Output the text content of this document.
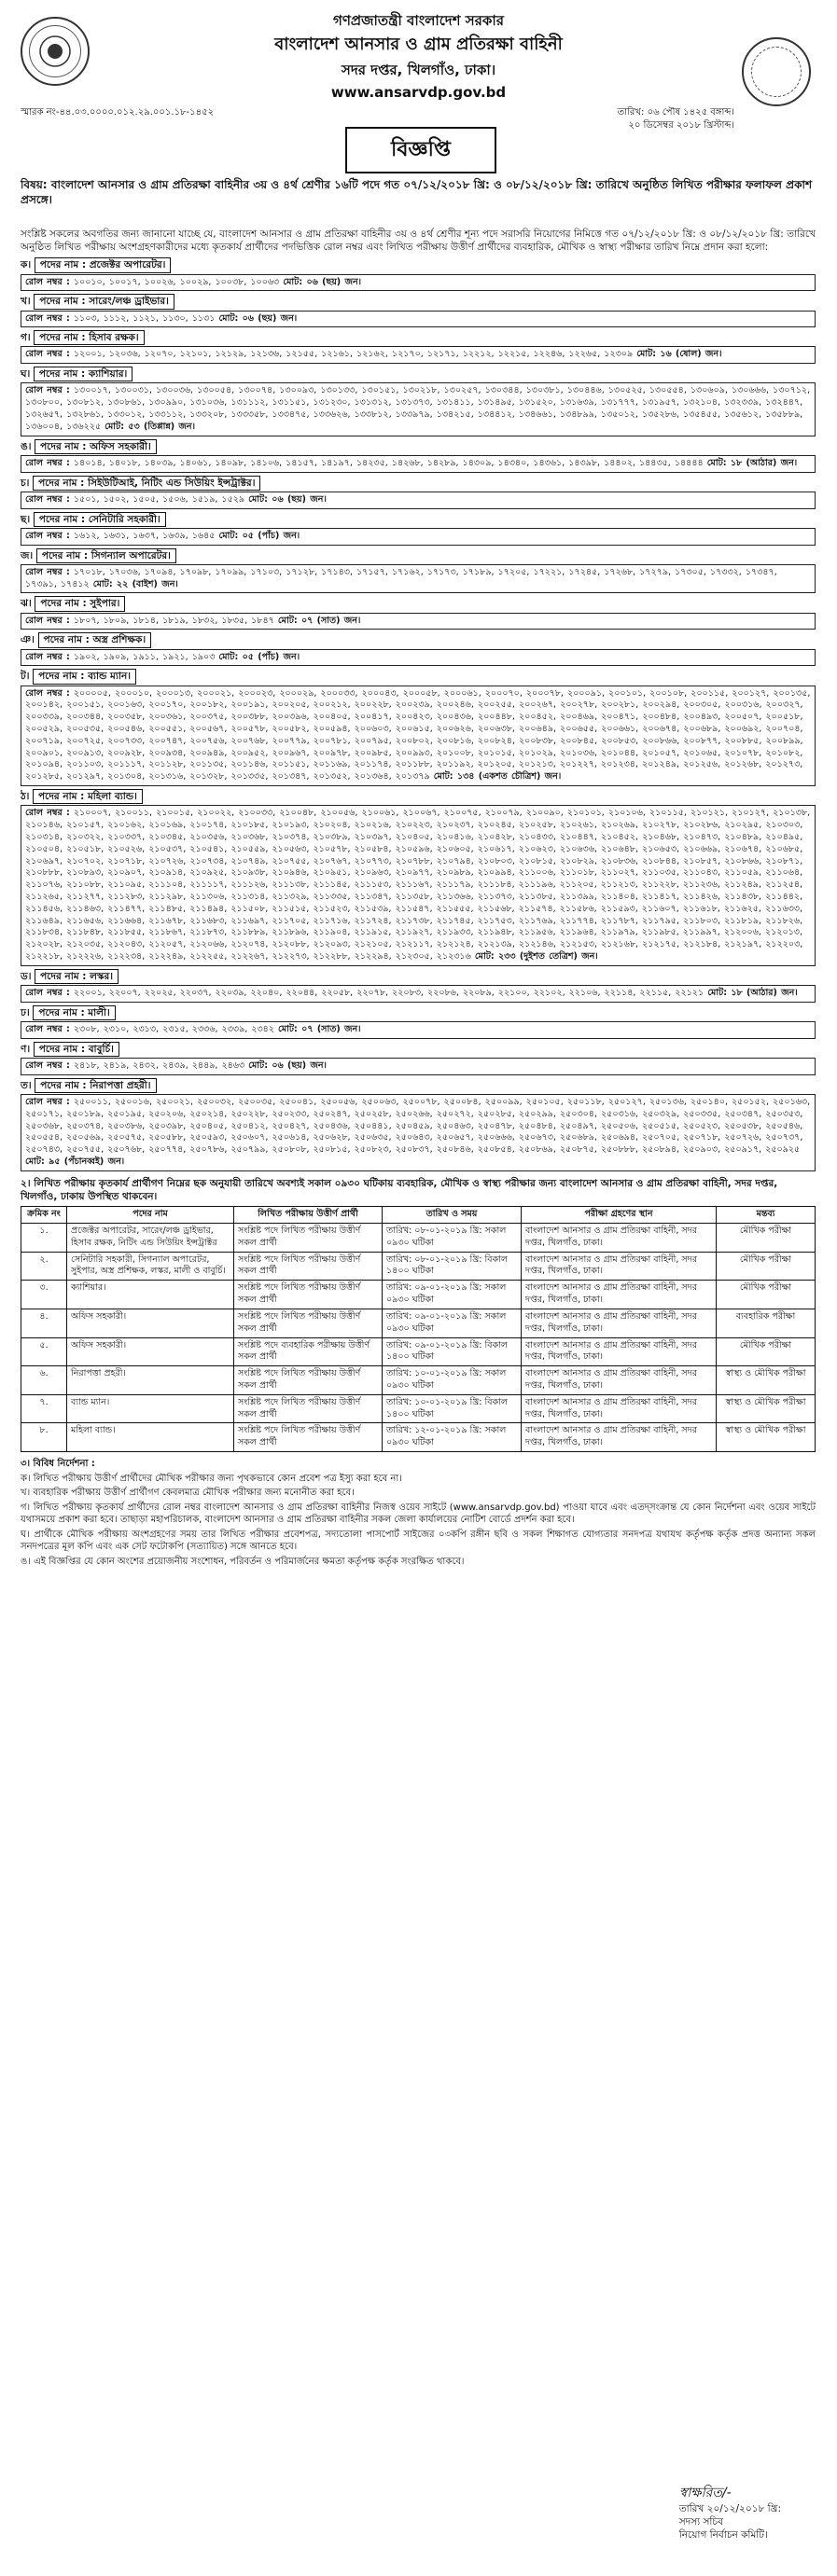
গণপ্রজাতন্ত্রী বাংলাদেশ সরকার
বাংলাদেশ আনসার ও গ্রাম প্রতিরক্ষা বাহিনী
সদর দপ্তর, খিলগাঁও, ঢাকা।
www.ansarvdp.gov.bd
স্মারক নং-৪৪.০৩.০০০০.০১২.২৯.০০১.১৮-১৪৫২	তারিখ: ০৬ পৌষ ১৪২৫ বঙ্গাব্দ।
২০ ডিসেম্বর ২০১৮ খ্রিস্টাব্দ।
বিজ্ঞপ্তি
বিষয়: বাংলাদেশ আনসার ও গ্রাম প্রতিরক্ষা বাহিনীর ৩য় ও ৪র্থ শ্রেণীর ১৬টি পদে গত ০৭/১২/২০১৮ খ্রি: ও ০৮/১২/২০১৮ খ্রি: তারিখে অনুষ্ঠিত লিখিত পরীক্ষার ফলাফল প্রকাশ প্রসঙ্গে।
সংশ্লিষ্ট সকলের অবগতির জন্য জানানো যাচ্ছে যে, বাংলাদেশ আনসার ও গ্রাম প্রতিরক্ষা বাহিনীর ৩য় ও ৪র্থ শ্রেণীর শূন্য পদে সরাসরি নিয়োগের নিমিত্তে গত ০৭/১২/২০১৮ খ্রি: ও ০৮/১২/২০১৮ খ্রি: তারিখে অনুষ্ঠিত লিখিত পরীক্ষায় অংশগ্রহণকারীদের মধ্যে কৃতকার্য প্রার্থীদের পদভিত্তিক রোল নম্বর এবং লিখিত পরীক্ষায় উত্তীর্ণ প্রার্থীদের ব্যবহারিক, মৌখিক ও স্বাস্থ্য পরীক্ষার তারিখ নিম্নে প্রদান করা হলো:
ক। পদের নাম : প্রজেক্টর অপারেটর।
রোল নম্বর : ১০০১০, ১০০১৭, ১০০২৬, ১০০২৯, ১০০৩৮, ১০০৬৩ মোট: ০৬ (ছয়) জন।
খ। পদের নাম : সারেং/লঞ্চ ড্রাইভার।
রোল নম্বর : ১১০৩, ১১১২, ১১২১, ১১৩০, ১১৩১ মোট: ০৬ (ছয়) জন।
গ। পদের নাম : হিসাব রক্ষক।
রোল নম্বর : ১২০০১, ১২০৩৬, ১২০৭০, ১২১০১, ১২১২৯, ১২১৩৬, ১২১৫৫, ১২১৬১, ১২১৬২, ১২১৭০, ১২১৭১, ১২২১২, ১২২১৫, ১২২৪৬, ১২২৬৫, ১২৩০৯ মোট: ১৬ (ষোল) জন।
ঘ। পদের নাম : ক্যাশিয়ার।
রোল নম্বর : ১৩০০১৭, ১৩০০৩১, ১৩০০৩৬, ১৩০০৫৪, ১৩০০৭৪, ১৩০০৯৩, ১৩০১৩৩, ১৩০১৫১, ১৩০২১৮, ১৩০২৫৭, ১৩০৩৪৪, ১৩০৩৮১, ১৩০৪৪৬, ১৩০৫২৫, ১৩০৫৫৪, ১৩০৬০৯, ১৩০৬৬৬, ১৩০৭১২, ১৩০৮০০, ১৩০৮১২, ১৩০৮৬১, ১৩০৯৯০, ১৩১০৩৬, ১৩১১১২, ১৩১১৫১, ১৩১২৩০, ১৩১৩১২, ১৩১৩৭৩, ১৩১৪১১, ১৩১৪৯৫, ১৩১৫২০, ১৩১৬৩৯, ১৩১৭৭৭, ১৩১৯৫৭, ১৩২১০৪, ১৩২৩৩৯, ১৩২৪৪৭, ১৩২৬৫৭, ১৩২৮৬১, ১৩৩০১২, ১৩৩১১২, ১৩৩২০৮, ১৩৩৩৫৮, ১৩৩৪৭৫, ১৩৩৬২৬, ১৩৩৮১২, ১৩৩৯৭৯, ১৩৪২১৫, ১৩৪৪১২, ১৩৪৬৬১, ১৩৪৮৯৯, ১৩৫০১২, ১৩৫২৮৬, ১৩৫৪৫৫, ১৩৫৬১২, ১৩৫৮৮৯, ১৩৬০০৪, ১৩৬২২৫ মোট: ৫৩ (তিপ্পান্ন) জন।
ঙ। পদের নাম : অফিস সহকারী।
রোল নম্বর : ১৪০১৪, ১৪০১৮, ১৪০৩৯, ১৪০৬১, ১৪০৯৮, ১৪১০৬, ১৪১৫৭, ১৪১৯৭, ১৪২৩৫, ১৪২৬৮, ১৪২৮৯, ১৪৩০৯, ১৪৩৪০, ১৪৩৬১, ১৪৩৯৮, ১৪৪০২, ১৪৪৩৫, ১৪৪৪৪ মোট: ১৮ (আঠার) জন।
চ। পদের নাম : সিইউটিআই, নিটিং এন্ড সিউয়িং ইন্সট্রাক্টর।
রোল নম্বর : ১৫০১, ১৫০২, ১৫০৫, ১৫০৬, ১৫১৯, ১৫২৯ মোট: ০৬ (ছয়) জন।
ছ। পদের নাম : সেনিটারি সহকারী।
রোল নম্বর : ১৬১২, ১৬৩১, ১৬৩৭, ১৬৩৯, ১৬৪৫ মোট: ০৫ (পাঁচ) জন।
জ। পদের নাম : সিগন্যাল অপারেটর।
রোল নম্বর : ১৭০১৮, ১৭০৩৬, ১৭০৯৪, ১৭০৯৮, ১৭০৯৯, ১৭১০৩, ১৭১২৮, ১৭১৪৩, ১৭১৫৭, ১৭১৬২, ১৭১৭৩, ১৭১৮৯, ১৭২০৫, ১৭২২১, ১৭২৪৫, ১৭২৬৮, ১৭২৭৯, ১৭৩০৫, ১৭৩৩২, ১৭৩৪৭, ১৭৩৯১, ১৭৪১২ মোট: ২২ (বাইশ) জন।
ঝ। পদের নাম : সুইপার।
রোল নম্বর : ১৮০৭, ১৮০৯, ১৮১৪, ১৮১৯, ১৮৩২, ১৮৩৫, ১৮৪৭ মোট: ০৭ (সাত) জন।
ঞ। পদের নাম : অস্ত্র প্রশিক্ষক।
রোল নম্বর : ১৯০২, ১৯০৯, ১৯১১, ১৯২১, ১৯০৩ মোট: ০৫ (পাঁচ) জন।
ট। পদের নাম : ব্যান্ড ম্যান।
রোল নম্বর : ২০০০০৫, ২০০০১০, ২০০০১৩, ২০০০২১, ২০০০২৩, ২০০০২৯, ২০০০৩৩, ২০০০৪৩, ২০০০৫৮, ২০০০৬১, ২০০০৭০, ২০০০৭৮, ২০০০৯১, ২০০১০১, ২০০১০৮, ২০০১১৫, ২০০১২৭, ২০০১৩৫, ২০০১৪২, ২০০১৫১, ২০০১৬৩, ২০০১৭০, ২০০১৮২, ২০০১৯১, ২০০২০৫, ২০০২১২, ২০০২২৮, ২০০২৩৯, ২০০২৪৬, ২০০২৫৫, ২০০২৬৭, ২০০২৭৮, ২০০২৮১, ২০০২৯৪, ২০০৩০৫, ২০০৩১৬, ২০০৩২৭, ২০০৩৩৯, ২০০৩৪৪, ২০০৩৫৮, ২০০৩৬১, ২০০৩৭৫, ২০০৩৮৮, ২০০৩৯৬, ২০০৪০৫, ২০০৪১৭, ২০০৪২৩, ২০০৪৩৬, ২০০৪৪৮, ২০০৪৫২, ২০০৪৬৯, ২০০৪৭১, ২০০৪৮৪, ২০০৪৯৩, ২০০৫০৭, ২০০৫১৮, ২০০৫২৯, ২০০৫৩৫, ২০০৫৪৬, ২০০৫৫১, ২০০৫৬৭, ২০০৫৭৮, ২০০৫৮২, ২০০৫৯৪, ২০০৬০৩, ২০০৬১৫, ২০০৬২৬, ২০০৬৩৮, ২০০৬৪৯, ২০০৬৫৫, ২০০৬৬১, ২০০৬৭৪, ২০০৬৮৯, ২০০৬৯২, ২০০৭০৪, ২০০৭১৯, ২০০৭২৫, ২০০৭৩৩, ২০০৭৪৭, ২০০৭৫৬, ২০০৭৬৮, ২০০৭৭৯, ২০০৭৮১, ২০০৭৯৫, ২০০৮০২, ২০০৮১৬, ২০০৮২৪, ২০০৮৩৮, ২০০৮৪৫, ২০০৮৫৩, ২০০৮৬৬, ২০০৮৭৭, ২০০৮৮৫, ২০০৮৯৯, ২০০৯০১, ২০০৯১৩, ২০০৯২৮, ২০০৯৩৪, ২০০৯৪৯, ২০০৯৫২, ২০০৯৬৭, ২০০৯৭৮, ২০০৯৮৫, ২০০৯৯৩, ২০১০০৮, ২০১০১৫, ২০১০২৯, ২০১০৩৬, ২০১০৪৪, ২০১০৫৭, ২০১০৬৫, ২০১০৭৮, ২০১০৮২, ২০১০৯৪, ২০১১০৩, ২০১১১৭, ২০১১২৮, ২০১১৩৫, ২০১১৪৬, ২০১১৫১, ২০১১৬৯, ২০১১৭৪, ২০১১৮৮, ২০১১৯২, ২০১২০৫, ২০১২১৩, ২০১২২৭, ২০১২৩৪, ২০১২৪৯, ২০১২৫৬, ২০১২৬৮, ২০১২৭৩, ২০১২৮৫, ২০১২৯৭, ২০১৩০৪, ২০১৩১৬, ২০১৩২৮, ২০১৩৩৫, ২০১৩৪৭, ২০১৩৫২, ২০১৩৬৪, ২০১৩৭৯ মোট: ১৩৪ (একশত চৌত্রিশ) জন।
ঠ। পদের নাম : মহিলা ব্যান্ড।
রোল নম্বর : ২১০০০৭, ২১০০১১, ২১০০১৫, ২১০০২২, ২১০০৩৩, ২১০০৪৮, ২১০০৫৬, ২১০০৬১, ২১০০৬৭, ২১০০৭৫, ২১০০৭৯, ২১০০৯০, ২১০১০১, ২১০১০৬, ২১০১১৫, ২১০১২১, ২১০১২৭, ২১০১৩৮, ২১০১৪৬, ২১০১৫৭, ২১০১৬২, ২১০১৬৯, ২১০১৭৪, ২১০১৮৫, ২১০১৯৩, ২১০২০৪, ২১০২১৬, ২১০২২৩, ২১০২৩৭, ২১০২৪৫, ২১০২৫৮, ২১০২৬১, ২১০২৬৯, ২১০২৭৮, ২১০২৮৬, ২১০২৯৫, ২১০৩০৩, ২১০৩১৪, ২১০৩২২, ২১০৩৩৭, ২১০৩৪৫, ২১০৩৫৬, ২১০৩৬৮, ২১০৩৭৪, ২১০৩৮৯, ২১০৩৯৭, ২১০৪০৫, ২১০৪১৬, ২১০৪২৮, ২১০৪৩৩, ২১০৪৪৭, ২১০৪৫২, ২১০৪৬৮, ২১০৪৭৩, ২১০৪৮৯, ২১০৪৯৫, ২১০৫০৪, ২১০৫১৮, ২১০৫২৬, ২১০৫৩৭, ২১০৫৪১, ২১০৫৫৯, ২১০৫৬৩, ২১০৫৭৮, ২১০৫৮৪, ২১০৫৯৬, ২১০৬০৫, ২১০৬১৭, ২১০৬২৩, ২১০৬৩৬, ২১০৬৪৮, ২১০৬৫৩, ২১০৬৬৯, ২১০৬৭৪, ২১০৬৮৫, ২১০৬৯৭, ২১০৭০২, ২১০৭১৮, ২১০৭২৬, ২১০৭৩৪, ২১০৭৪৯, ২১০৭৫৫, ২১০৭৬৭, ২১০৭৭৩, ২১০৭৮৮, ২১০৭৯৪, ২১০৮০৩, ২১০৮১৫, ২১০৮২৯, ২১০৮৩৬, ২১০৮৪৪, ২১০৮৫৭, ২১০৮৬৬, ২১০৮৭১, ২১০৮৮৮, ২১০৮৯৩, ২১০৯০৭, ২১০৯১৪, ২১০৯২৫, ২১০৯৩৮, ২১০৯৪৬, ২১০৯৫১, ২১০৯৬৩, ২১০৯৭৭, ২১০৯৮৯, ২১০৯৯৪, ২১১০০৬, ২১১০১৮, ২১১০২৭, ২১১০৩৫, ২১১০৪৩, ২১১০৫৯, ২১১০৬৪, ২১১০৭৬, ২১১০৮৮, ২১১০৯৫, ২১১১০৪, ২১১১১৭, ২১১১২৬, ২১১১৩৮, ২১১১৪৫, ২১১১৫৩, ২১১১৬৭, ২১১১৭৯, ২১১১৮৪, ২১১১৯৬, ২১১২০৫, ২১১২১৩, ২১১২২৮, ২১১২৩৬, ২১১২৪৯, ২১১২৫৪, ২১১২৬৫, ২১১২৭৭, ২১১২৮৩, ২১১২৯৮, ২১১৩০৬, ২১১৩১৪, ২১১৩২৯, ২১১৩৩৫, ২১১৩৪৭, ২১১৩৫৮, ২১১৩৬৬, ২১১৩৭৩, ২১১৩৮৫, ২১১৩৯৯, ২১১৪০৪, ২১১৪১৭, ২১১৪২৬, ২১১৪৩৮, ২১১৪৪২, ২১১৪৫৬, ২১১৪৬৩, ২১১৪৭৭, ২১১৪৮৫, ২১১৪৯৪, ২১১৫০৮, ২১১৫১৫, ২১১৫২৩, ২১১৫৩৯, ২১১৫৪৭, ২১১৫৫৫, ২১১৫৬৮, ২১১৫৭৪, ২১১৫৮৬, ২১১৫৯৩, ২১১৬০৭, ২১১৬১৮, ২১১৬২৫, ২১১৬৩৩, ২১১৬৪৯, ২১১৬৫৬, ২১১৬৬৪, ২১১৬৭৮, ২১১৬৮৩, ২১১৬৯৭, ২১১৭০৫, ২১১৭১৬, ২১১৭২৪, ২১১৭৩৮, ২১১৭৪৫, ২১১৭৫৩, ২১১৭৬৯, ২১১৭৭৪, ২১১৭৮৭, ২১১৭৯৫, ২১১৮০৩, ২১১৮১৯, ২১১৮২৬, ২১১৮৩৪, ২১১৮৪৮, ২১১৮৫৫, ২১১৮৬৭, ২১১৮৭৩, ২১১৮৮৯, ২১১৮৯৬, ২১১৯০৪, ২১১৯১৫, ২১১৯২৭, ২১১৯৩৩, ২১১৯৪৮, ২১১৯৫৬, ২১১৯৬৪, ২১১৯৭৯, ২১১৯৮৫, ২১১৯৯৭, ২১২০০৬, ২১২০১৩, ২১২০২৮, ২১২০৩৫, ২১২০৪৩, ২১২০৫৭, ২১২০৬৬, ২১২০৭৪, ২১২০৮৮, ২১২০৯৩, ২১২১০৫, ২১২১১৭, ২১২১২৪, ২১২১৩৯, ২১২১৪৬, ২১২১৫৩, ২১২১৬৮, ২১২১৭৫, ২১২১৮৪, ২১২১৯৭, ২১২২০৩, ২১২২১৮, ২১২২২৬, ২১২২৩৪, ২১২২৪৯, ২১২২৫৫, ২১২২৬৭, ২১২২৭৩, ২১২২৮৮, ২১২২৯৪, ২১২৩০৫, ২১২৩১৬ মোট: ২৩৩ (দুইশত তেত্রিশ) জন।
ড। পদের নাম : লস্কর।
রোল নম্বর : ২২০০১, ২২০০৭, ২২০২৫, ২২০৩৭, ২২০৩৯, ২২০৪০, ২২০৪৪, ২২০৫৮, ২২০৭৮, ২২০৮৩, ২২০৮৬, ২২০৮৯, ২২১০০, ২২১০২, ২২১০৬, ২২১১৪, ২২১১৫, ২২১২১ মোট: ১৮ (আঠার) জন।
ঢ। পদের নাম : মালী।
রোল নম্বর : ২৩০৮, ২৩১০, ২৩১৩, ২৩১৫, ২৩৩৬, ২৩৩৯, ২৩৪২ মোট: ০৭ (সাত) জন।
ণ। পদের নাম : বাবুর্চি।
রোল নম্বর : ২৪১৮, ২৪১৯, ২৪৩২, ২৪৩৯, ২৪৪৯, ২৪৬৩ মোট: ০৬ (ছয়) জন।
ত। পদের নাম : নিরাপত্তা প্রহরী।
রোল নম্বর : ২৫০০১১, ২৫০০১৬, ২৫০০২১, ২৫০০৩২, ২৫০০৩৫, ২৫০০৪১, ২৫০০৫৬, ২৫০০৬৩, ২৫০০৭৮, ২৫০০৮৪, ২৫০০৯৯, ২৫০১০৫, ২৫০১১৮, ২৫০১২৭, ২৫০১৩৬, ২৫০১৪০, ২৫০১৫২, ২৫০১৬৩, ২৫০১৭১, ২৫০১৮৯, ২৫০১৯৫, ২৫০২০৬, ২৫০২১৪, ২৫০২২৮, ২৫০২৩৩, ২৫০২৪৭, ২৫০২৫৮, ২৫০২৬৬, ২৫০২৭২, ২৫০২৮৫, ২৫০২৯৯, ২৫০৩০৪, ২৫০৩১৬, ২৫০৩২৯, ২৫০৩৩৫, ২৫০৩৪৭, ২৫০৩৫৩, ২৫০৩৬৮, ২৫০৩৭৪, ২৫০৩৮৬, ২৫০৩৯৮, ২৫০৪০৫, ২৫০৪১২, ২৫০৪২৭, ২৫০৪৩৬, ২৫০৪৪১, ২৫০৪৫৯, ২৫০৪৬৩, ২৫০৪৭৮, ২৫০৪৮৪, ২৫০৪৯৭, ২৫০৫০৬, ২৫০৫১৫, ২৫০৫২৩, ২৫০৫৩৮, ২৫০৫৪৬, ২৫০৫৫৪, ২৫০৫৬৯, ২৫০৫৭৫, ২৫০৫৮৮, ২৫০৫৯৩, ২৫০৬০৭, ২৫০৬১৪, ২৫০৬২৮, ২৫০৬৩৫, ২৫০৬৪৩, ২৫০৬৫৭, ২৫০৬৬৬, ২৫০৬৭৩, ২৫০৬৮৯, ২৫০৬৯৪, ২৫০৭০৫, ২৫০৭১৮, ২৫০৭২৬, ২৫০৭৩৭, ২৫০৭৪৩, ২৫০৭৫৫, ২৫০৭৬৮, ২৫০৭৭৪, ২৫০৭৮৬, ২৫০৭৯৯, ২৫০৮০৮, ২৫০৮১৫, ২৫০৮২৩, ২৫০৮৩৭, ২৫০৮৪৬, ২৫০৮৫৪, ২৫০৮৬৯, ২৫০৮৭৫, ২৫০৮৮৮, ২৫০৮৯৪, ২৫০৯০৩, ২৫০৯১৭, ২৫০৯২৫ মোট: ৯৫ (পঁচানব্বই) জন।
২। লিখিত পরীক্ষায় কৃতকার্য প্রার্থীগণ নিম্নের ছক অনুযায়ী তারিখে অবশ্যই সকাল ০৯৩০ ঘটিকায় ব্যবহারিক, মৌখিক ও স্বাস্থ্য পরীক্ষার জন্য বাংলাদেশ আনসার ও গ্রাম প্রতিরক্ষা বাহিনী, সদর দপ্তর, খিলগাঁও, ঢাকায় উপস্থিত থাকবেন।
ক্রমিক নং	পদের নাম	লিখিত পরীক্ষায় উত্তীর্ণ প্রার্থী	তারিখ ও সময়	পরীক্ষা গ্রহণের স্থান	মন্তব্য
১.	প্রজেক্টর অপারেটর, সারেং/লঞ্চ ড্রাইভার, হিসাব রক্ষক, নিটিং এন্ড সিউয়িং ইন্সট্রাক্টর	সংশ্লিষ্ট পদে লিখিত পরীক্ষায় উত্তীর্ণ সকল প্রার্থী	তারিখ: ০৮-০১-২০১৯ খ্রি: সকাল ০৯৩০ ঘটিকা	বাংলাদেশ আনসার ও গ্রাম প্রতিরক্ষা বাহিনী, সদর দপ্তর, খিলগাঁও, ঢাকা।	মৌখিক পরীক্ষা
২.	সেনিটারি সহকারী, সিগন্যাল অপারেটর, সুইপার, অস্ত্র প্রশিক্ষক, লস্কর, মালী ও বাবুর্চি।	সংশ্লিষ্ট পদে লিখিত পরীক্ষায় উত্তীর্ণ সকল প্রার্থী	তারিখ: ০৮-০১-২০১৯ খ্রি: বিকাল ১৪০০ ঘটিকা	বাংলাদেশ আনসার ও গ্রাম প্রতিরক্ষা বাহিনী, সদর দপ্তর, খিলগাঁও, ঢাকা।	মৌখিক পরীক্ষা
৩.	ক্যাশিয়ার।	সংশ্লিষ্ট পদে লিখিত পরীক্ষায় উত্তীর্ণ সকল প্রার্থী	তারিখ: ০৯-০১-২০১৯ খ্রি: সকাল ০৯৩০ ঘটিকা	বাংলাদেশ আনসার ও গ্রাম প্রতিরক্ষা বাহিনী, সদর দপ্তর, খিলগাঁও, ঢাকা।	মৌখিক পরীক্ষা
৪.	অফিস সহকারী।	সংশ্লিষ্ট পদে লিখিত পরীক্ষায় উত্তীর্ণ সকল প্রার্থী	তারিখ: ০৯-০১-২০১৯ খ্রি: সকাল ০৯৩০ ঘটিকা	বাংলাদেশ আনসার ও গ্রাম প্রতিরক্ষা বাহিনী, সদর দপ্তর, খিলগাঁও, ঢাকা।	ব্যবহারিক পরীক্ষা
৫.	অফিস সহকারী।	সংশ্লিষ্ট পদে ব্যবহারিক পরীক্ষায় উত্তীর্ণ সকল প্রার্থী	তারিখ: ০৯-০১-২০১৯ খ্রি: বিকাল ১৪০০ ঘটিকা	বাংলাদেশ আনসার ও গ্রাম প্রতিরক্ষা বাহিনী, সদর দপ্তর, খিলগাঁও, ঢাকা।	মৌখিক পরীক্ষা
৬.	নিরাপত্তা প্রহরী।	সংশ্লিষ্ট পদে লিখিত পরীক্ষায় উত্তীর্ণ সকল প্রার্থী	তারিখ: ১০-০১-২০১৯ খ্রি: সকাল ০৯৩০ ঘটিকা	বাংলাদেশ আনসার ও গ্রাম প্রতিরক্ষা বাহিনী, সদর দপ্তর, খিলগাঁও, ঢাকা।	স্বাস্থ্য ও মৌখিক পরীক্ষা
৭.	ব্যান্ড ম্যান।	সংশ্লিষ্ট পদে লিখিত পরীক্ষায় উত্তীর্ণ সকল প্রার্থী	তারিখ: ১০-০১-২০১৯ খ্রি: বিকাল ১৪০০ ঘটিকা	বাংলাদেশ আনসার ও গ্রাম প্রতিরক্ষা বাহিনী, সদর দপ্তর, খিলগাঁও, ঢাকা।	স্বাস্থ্য ও মৌখিক পরীক্ষা
৮.	মহিলা ব্যান্ড।	সংশ্লিষ্ট পদে লিখিত পরীক্ষায় উত্তীর্ণ সকল প্রার্থী	তারিখ: ১২-০১-২০১৯ খ্রি: সকাল ০৯৩০ ঘটিকা	বাংলাদেশ আনসার ও গ্রাম প্রতিরক্ষা বাহিনী, সদর দপ্তর, খিলগাঁও, ঢাকা।	স্বাস্থ্য ও মৌখিক পরীক্ষা
৩। বিবিধ নির্দেশনা :
ক। লিখিত পরীক্ষায় উত্তীর্ণ প্রার্থীদের মৌখিক পরীক্ষার জন্য পৃথকভাবে কোন প্রবেশ পত্র ইস্যু করা হবে না।
খ। ব্যবহারিক পরীক্ষায় উত্তীর্ণ প্রার্থীগণ কেবলমাত্র মৌখিক পরীক্ষার জন্য মনোনীত করা হবে।
গ। লিখিত পরীক্ষায় কৃতকার্য প্রার্থীদের রোল নম্বর বাংলাদেশ আনসার ও গ্রাম প্রতিরক্ষা বাহিনীর নিজস্ব ওয়েব সাইটে (www.ansarvdp.gov.bd) পাওয়া যাবে এবং এতদ্সংক্রান্ত যে কোন নির্দেশনা এবং ওয়েব সাইটে যথাসময়ে প্রকাশ করা হবে। তাছাড়া মহাপরিচালক, বাংলাদেশ আনসার ও গ্রাম প্রতিরক্ষা বাহিনীর সকল জেলা কার্যালয়ের নোটিশ বোর্ডে প্রদর্শন করা হবে।
ঘ। প্রার্থীকে মৌখিক পরীক্ষায় অংশগ্রহণের সময় তার লিখিত পরীক্ষার প্রবেশপত্র, সদ্যতোলা পাসপোর্ট সাইজের ০৩কপি রঙ্গীন ছবি ও সকল শিক্ষাগত যোগ্যতার সনদপত্র যথাযথ কর্তৃপক্ষ কর্তৃক প্রদত্ত অন্যান্য সকল সনদপত্রের মূল কপি এবং এক সেট ফটোকপি (সত্যায়িত) সঙ্গে আনতে হবে।
ঙ। এই বিজ্ঞপ্তির যে কোন অংশের প্রয়োজনীয় সংশোধন, পরিবর্তন ও পরিমার্জনের ক্ষমতা কর্তৃপক্ষ কর্তৃক সংরক্ষিত থাকবে।
স্বাক্ষরিত/-
তারিখ ২০/১২/২০১৮ খ্রি:
সদস্য সচিব
নিয়োগ নির্বাচন কমিটি।
